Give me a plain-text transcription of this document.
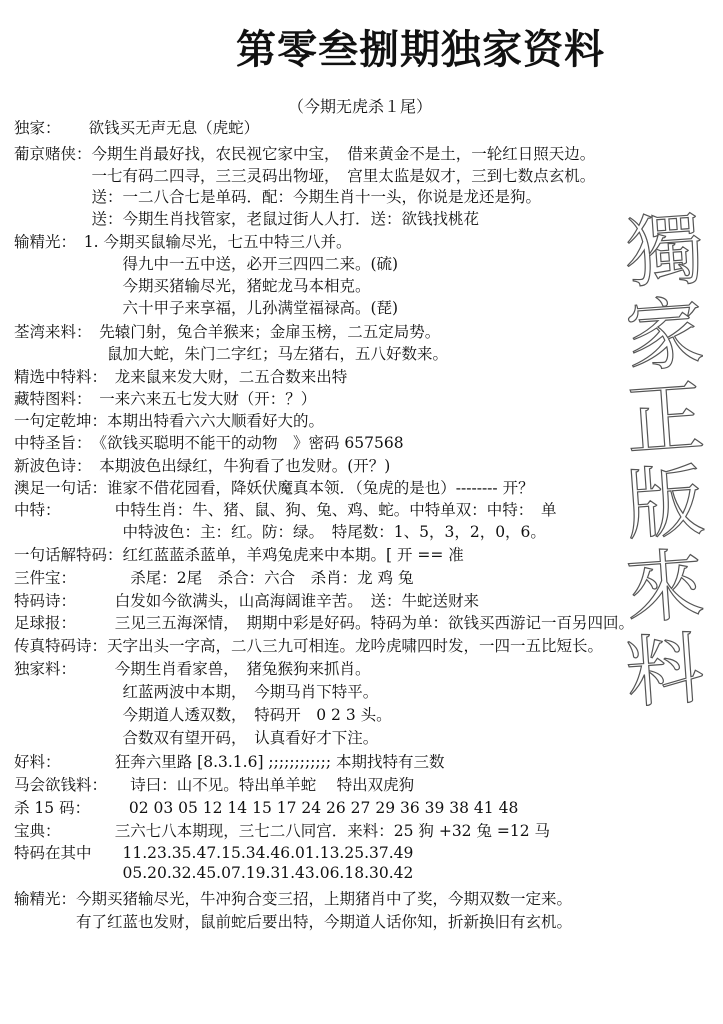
第零叁捌期独家资料
（今期无虎杀１尾）
獨
家
正
版
來
料
独家：　　 欲钱买无声无息（虎蛇）
葡京赌侠：今期生肖最好找，农民视它家中宝，　借来黄金不是土，一轮红日照天边。
　　　　　一七有码二四寻，三三灵码出物垭，　宫里太监是奴才，三到七数点玄机。
　　　　　送：一二八合七是单码．配：今期生肖十一头，你说是龙还是狗。
　　　　　送：今期生肖找管家，老鼠过街人人打．送：欲钱找桃花
输精光：　1. 今期买鼠输尽光，七五中特三八并。
　　　　　　　得九中一五中送，必开三四四二来。(硫)
　　　　　　　今期买猪输尽光，猪蛇龙马本相克。
　　　　　　　六十甲子来享福，儿孙满堂福禄高。(琵)
荃湾来料：　先辕门射，兔合羊猴来；金扉玉榜，二五定局势。
　　　　　　鼠加大蛇，朱门二字红；马左猪右，五八好数来。
精选中特料：　龙来鼠来发大财，二五合数来出特
藏特图料：　一来六来五七发大财（开：？）
一句定乾坤：本期出特看六六大顺看好大的。
中特圣旨：　《欲钱买聪明不能干的动物　》密码 657568
新波色诗：　本期波色出绿红，牛狗看了也发财。(开？)
澳足一句话：谁家不借花园看，降妖伏魔真本领．（兔虎的是也）-------- 开？
中特：　　　　中特生肖：牛、猪、鼠、狗、兔、鸡、蛇。中特单双：中特：　单
　　　　　　　中特波色：主：红。防：绿。　特尾数：1、5，3，2，0，6。
一句话解特码：红红蓝蓝杀蓝单，羊鸡兔虎来中本期。[ 开 == 准
三件宝：　　　　杀尾：2尾　杀合：六合　杀肖：龙 鸡 兔
特码诗：　　　白发如今欲满头，山高海阔谁辛苦。　送：牛蛇送财来
足球报：　　　三见三五海深情，　期期中彩是好码。特码为单：欲钱买西游记一百另四回。
传真特码诗：天字出头一字高，二八三九可相连。龙吟虎啸四时发，一四一五比短长。
独家料：　　　今期生肖看家兽，　猪兔猴狗来抓肖。
　　　　　　　红蓝两波中本期，　今期马肖下特平。
　　　　　　　今期道人透双数，　特码开　0 2 3 头。
　　　　　　　合数双有望开码，　认真看好才下注。
好料：　　　　狂奔六里路 [8.3.1.6] ;;;;;;;;;;;; 本期找特有三数
马会欲钱料：　　诗曰：山不见。特出单羊蛇　 特出双虎狗
杀 15 码：　　　02 03 05 12 14 15 17 24 26 27 29 36 39 38 41 48
宝典：　　　　三六七八本期现，三七二八同宫．来料：25 狗 +32 兔 =12 马
特码在其中　　11.23.35.47.15.34.46.01.13.25.37.49
　　　　　　　05.20.32.45.07.19.31.43.06.18.30.42
输精光：今期买猪输尽光，牛冲狗合变三招，上期猪肖中了奖，今期双数一定来。
　　　　有了红蓝也发财，鼠前蛇后要出特，今期道人话你知，折新换旧有玄机。
